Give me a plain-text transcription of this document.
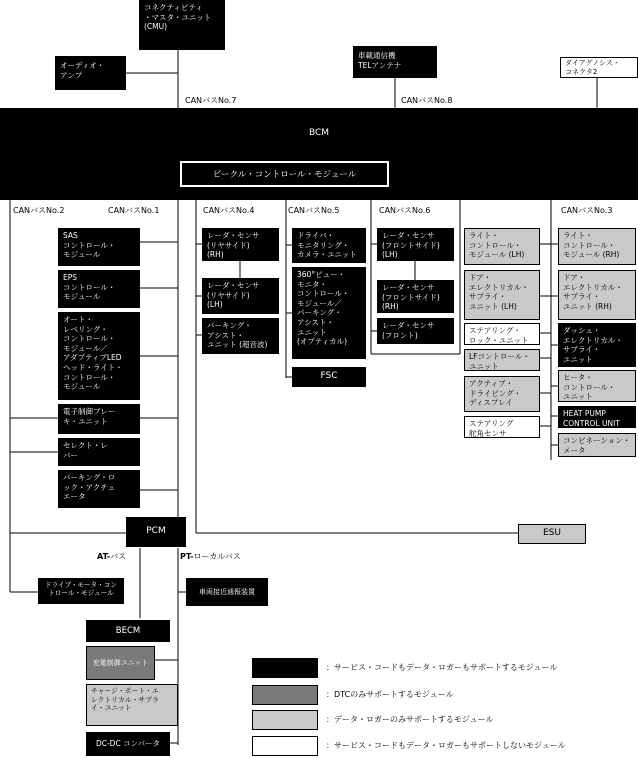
コネクティビティ
・マスタ・ユニット
(CMU)
オーディオ・
アンプ
車載通信機
TELアンテナ	ダイアグノシス・
コネクタ2
CANバスNo.7	CANバスNo.8
BCM
ビークル・コントロール・モジュール
CANバスNo.2	CANバスNo.1	CANバスNo.4	CANバスNo.5	CANバスNo.6	CANバスNo.3
SAS
コントロール・
モジュール
EPS
コントロール・
モジュール
オート・
レベリング・
コントロール・
モジュール／
アダプティブLED
ヘッド・ライト・
コントロール・
モジュール
電子制御ブレー
キ・ユニット
セレクト・レ
バー
パーキング・ロ
ック・アクチュ
エータ
レーダ・センサ
(リヤサイド)
(RH)
レーダ・センサ
(リヤサイド)
(LH)
パーキング・
アシスト・
ユニット (超音波)
ドライバ・
モニタリング・
カメラ・ユニット
360°ビュー・
モニタ・
コントロール・
モジュール／
パーキング・
アシスト・
ユニット
(オプティカル)
FSC
レーダ・センサ
(フロントサイド)
(LH)
レーダ・センサ
(フロントサイド)
(RH)
レーダ・センサ
(フロント)
ライト・
コントロール・
モジュール (LH)
ドア・
エレクトリカル・
サプライ・
ユニット (LH)
ステアリング・
ロック・ユニット
LFコントロール・
ユニット
アクティブ・
ドライビング・
ディスプレイ
ステアリング
舵角センサ
ライト・
コントロール・
モジュール (RH)
ドア・
エレクトリカル・
サプライ・
ユニット (RH)
ダッシュ・
エレクトリカル・
サプライ・
ユニット
ヒータ・
コントロール・
ユニット
HEAT PUMP
CONTROL UNIT
コンビネーション・
メータ
ESU
PCM
AT-バス	PT-ローカルバス
ドライブ・モータ・コン
トロール・モジュール	車両接近通報装置
BECM
充電制御ユニット
チャージ・ポート・エ
レクトリカル・サプラ
イ・ユニット
DC-DC コンバータ
：サービス・コードもデータ・ロガーもサポートするモジュール
：DTCのみサポートするモジュール
：データ・ロガーのみサポートするモジュール
：サービス・コードもデータ・ロガーもサポートしないモジュール
